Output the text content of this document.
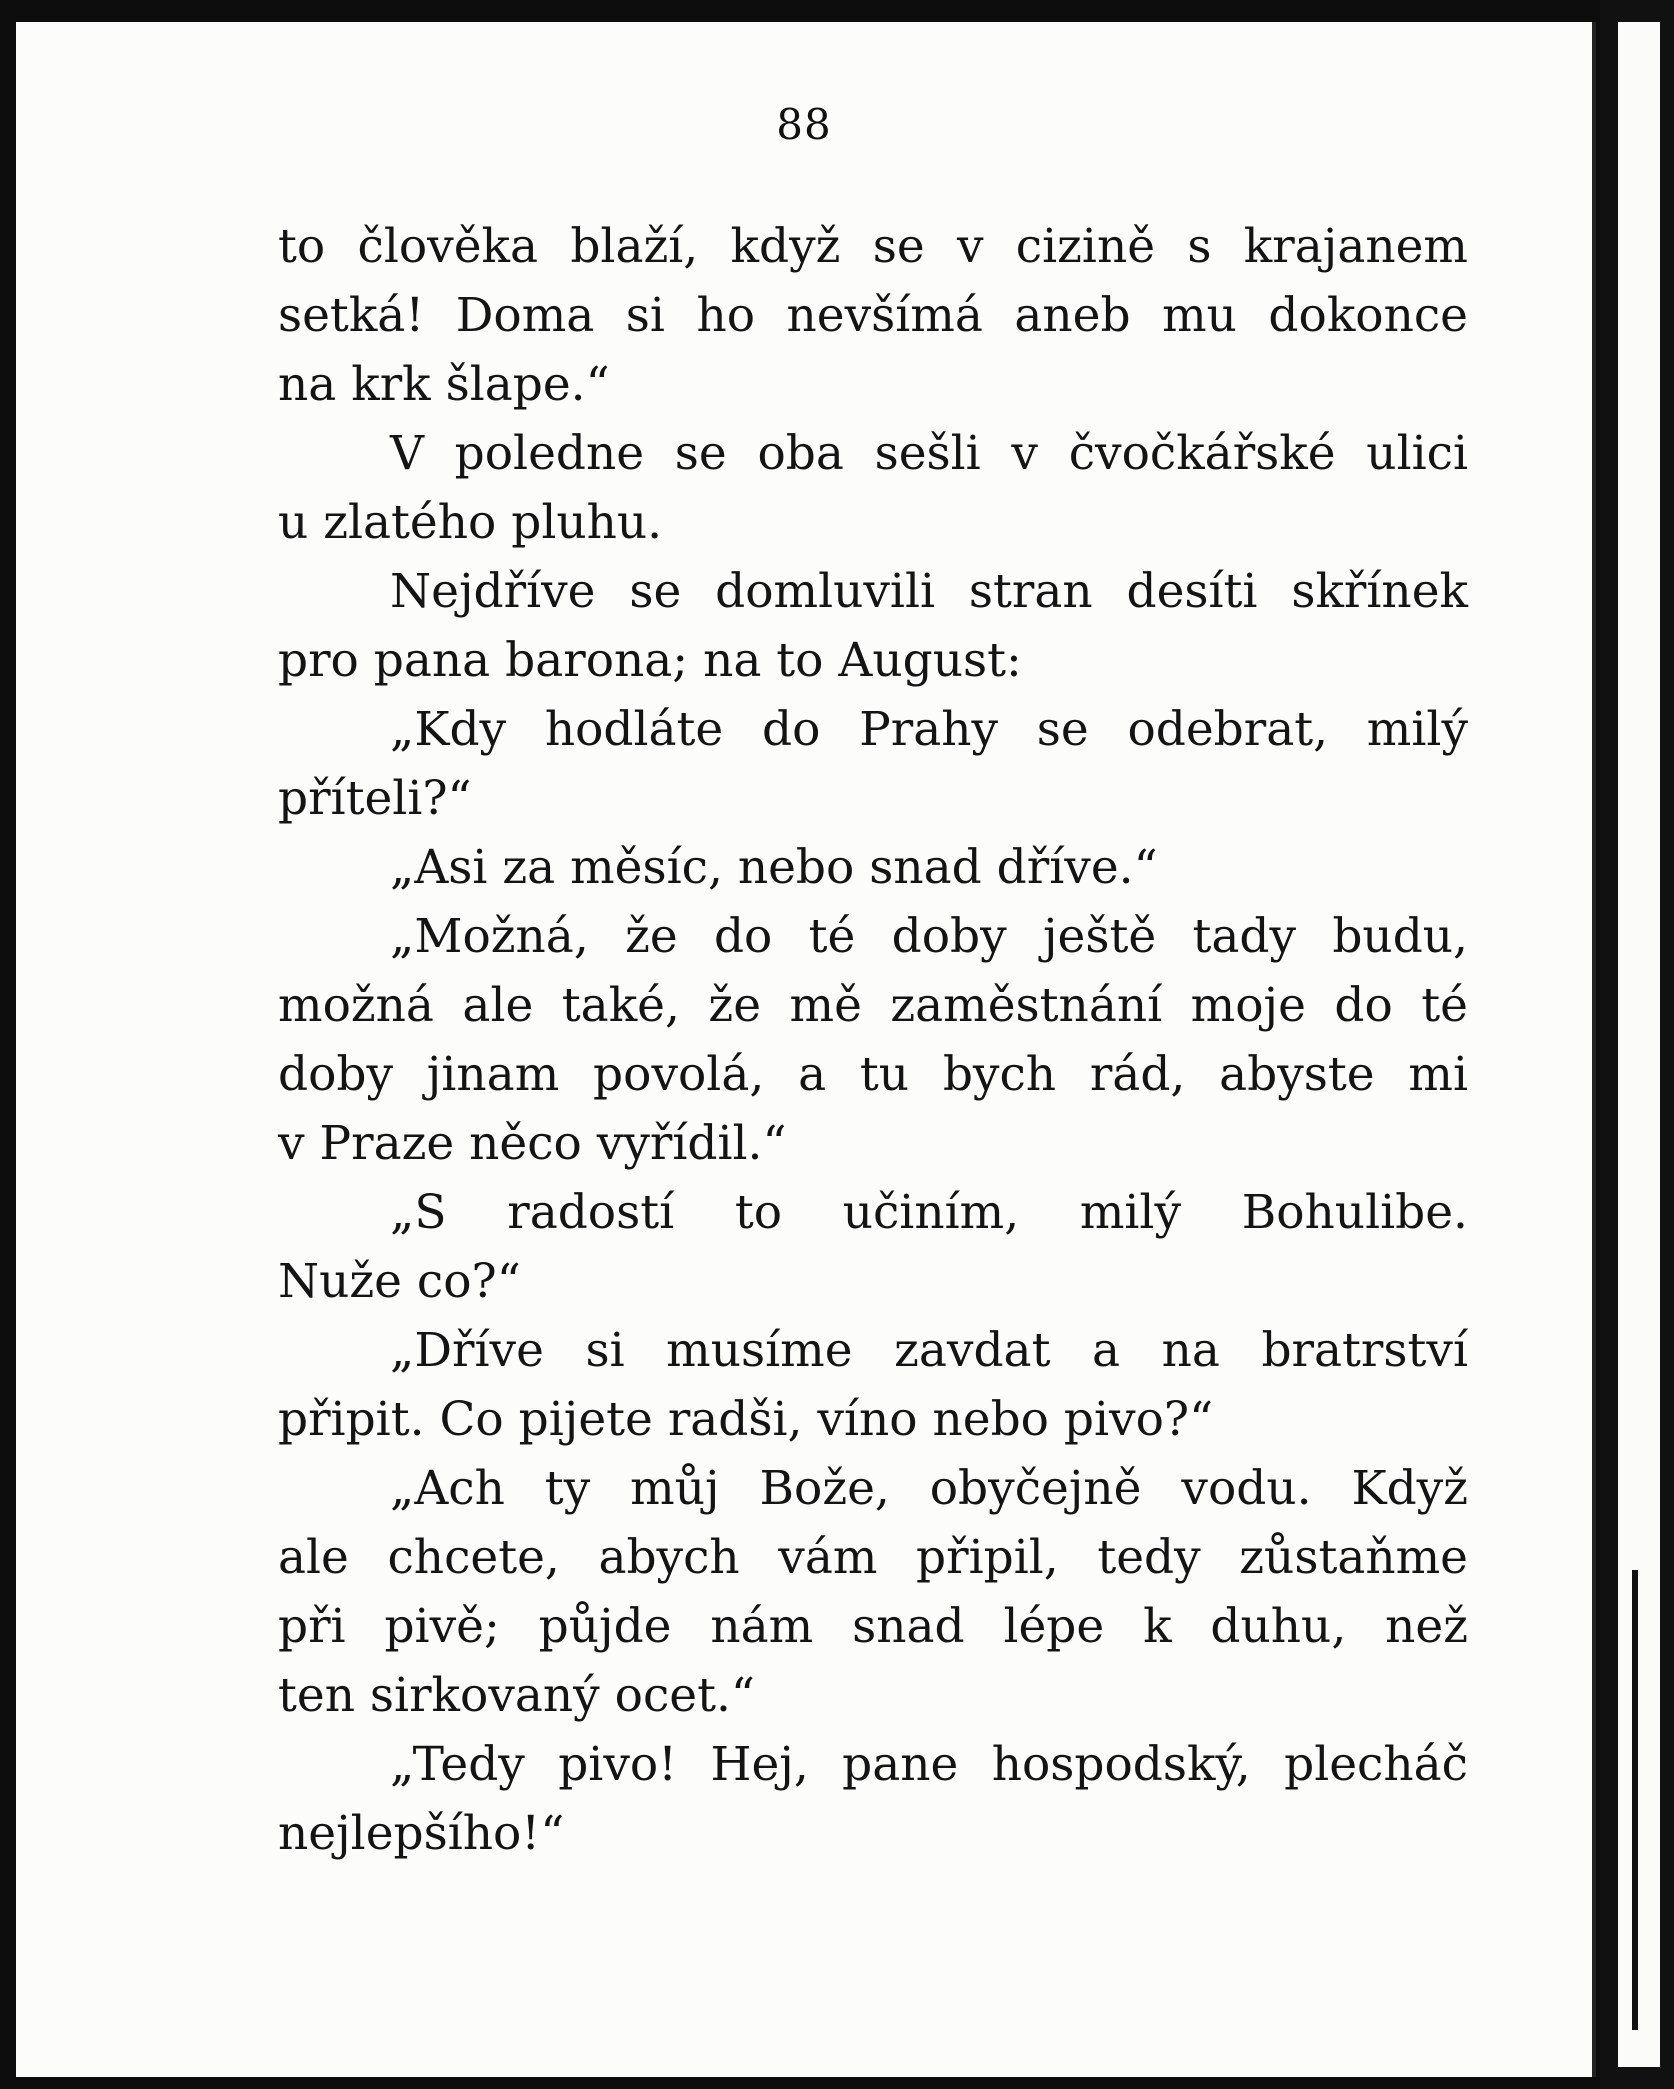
88
to člověka blaží, když se v cizině s krajanem
setká! Doma si ho nevšímá aneb mu dokonce
na krk šlape.“
V poledne se oba sešli v čvočkářské ulici
u zlatého pluhu.
Nejdříve se domluvili stran desíti skřínek
pro pana barona; na to August:
„Kdy hodláte do Prahy se odebrat, milý
příteli?“
„Asi za měsíc, nebo snad dříve.“
„Možná, že do té doby ještě tady budu,
možná ale také, že mě zaměstnání moje do té
doby jinam povolá, a tu bych rád, abyste mi
v Praze něco vyřídil.“
„S radostí to učiním, milý Bohulibe.
Nuže co?“
„Dříve si musíme zavdat a na bratrství
připit. Co pijete radši, víno nebo pivo?“
„Ach ty můj Bože, obyčejně vodu. Když
ale chcete, abych vám připil, tedy zůstaňme
při pivě; půjde nám snad lépe k duhu, než
ten sirkovaný ocet.“
„Tedy pivo! Hej, pane hospodský, plecháč
nejlepšího!“
